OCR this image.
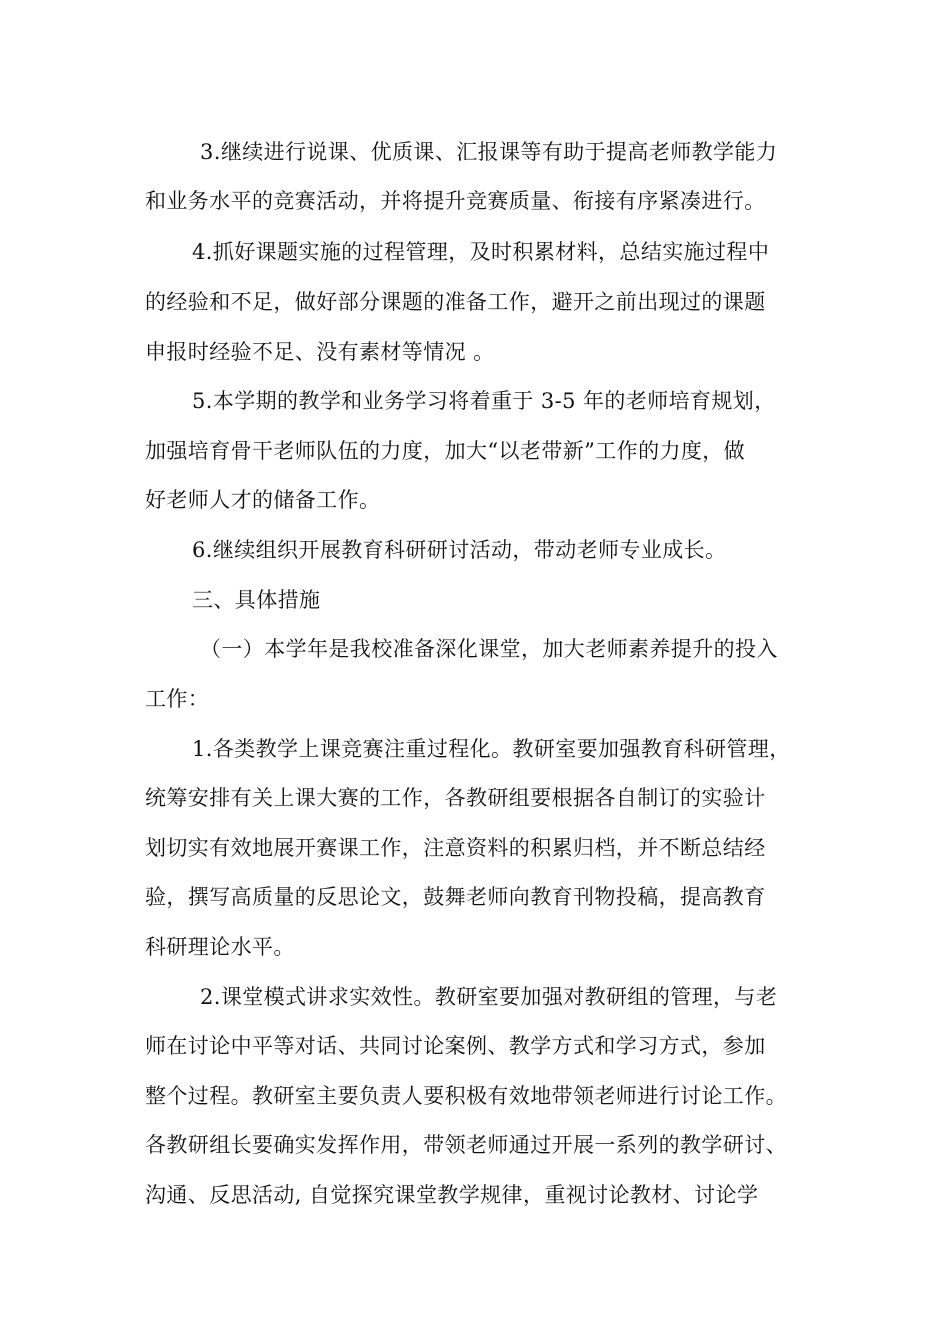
3.继续进行说课、优质课、汇报课等有助于提高老师教学能力
和业务水平的竞赛活动，并将提升竞赛质量、衔接有序紧凑进行。
4.抓好课题实施的过程管理，及时积累材料，总结实施过程中
的经验和不足，做好部分课题的准备工作，避开之前出现过的课题
申报时经验不足、没有素材等情况 。
5.本学期的教学和业务学习将着重于 3-5 年的老师培育规划，
加强培育骨干老师队伍的力度，加大“以老带新”工作的力度，做
好老师人才的储备工作。
6.继续组织开展教育科研研讨活动，带动老师专业成长。
三、具体措施
（一）本学年是我校准备深化课堂，加大老师素养提升的投入
工作：
1.各类教学上课竞赛注重过程化。教研室要加强教育科研管理，
统筹安排有关上课大赛的工作，各教研组要根据各自制订的实验计
划切实有效地展开赛课工作，注意资料的积累归档，并不断总结经
验，撰写高质量的反思论文，鼓舞老师向教育刊物投稿，提高教育
科研理论水平。
2.课堂模式讲求实效性。教研室要加强对教研组的管理，与老
师在讨论中平等对话、共同讨论案例、教学方式和学习方式，参加
整个过程。教研室主要负责人要积极有效地带领老师进行讨论工作。
各教研组长要确实发挥作用，带领老师通过开展一系列的教学研讨、
沟通、反思活动, 自觉探究课堂教学规律，重视讨论教材、讨论学
